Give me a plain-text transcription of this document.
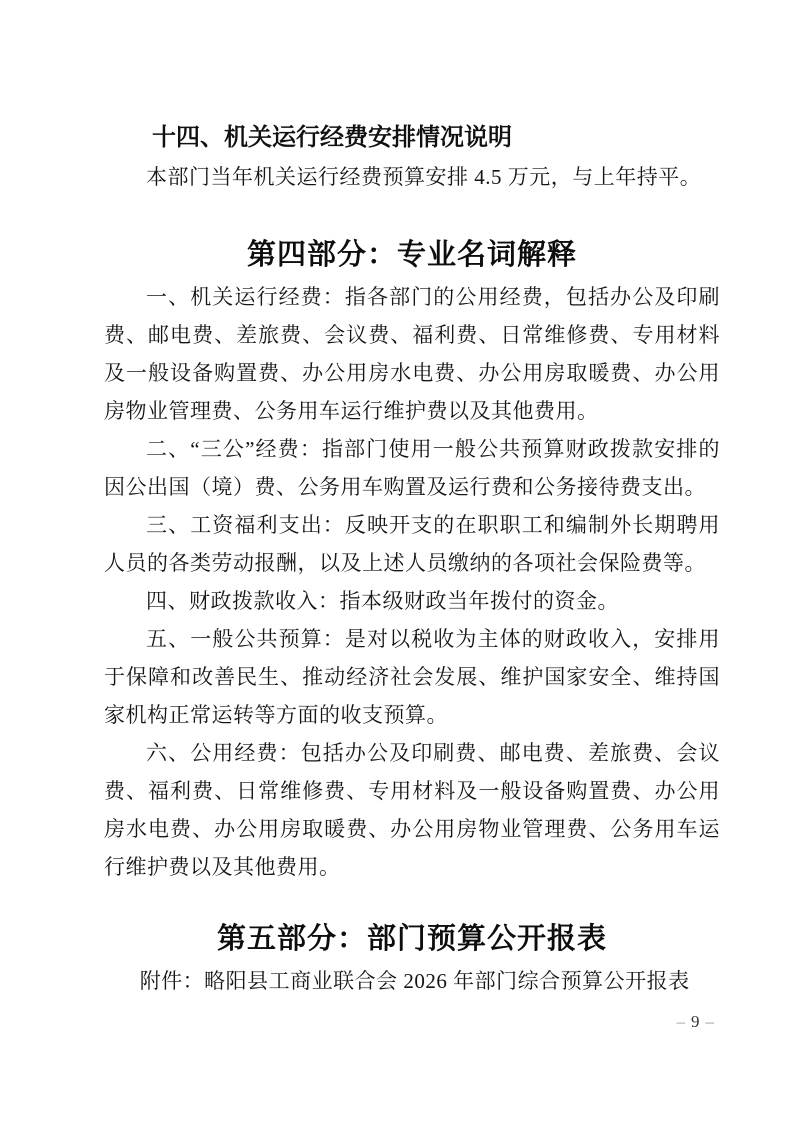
十四、机关运行经费安排情况说明

本部门当年机关运行经费预算安排 4.5 万元，与上年持平。

第四部分：专业名词解释

一、机关运行经费：指各部门的公用经费，包括办公及印刷费、邮电费、差旅费、会议费、福利费、日常维修费、专用材料及一般设备购置费、办公用房水电费、办公用房取暖费、办公用房物业管理费、公务用车运行维护费以及其他费用。

二、“三公”经费：指部门使用一般公共预算财政拨款安排的因公出国（境）费、公务用车购置及运行费和公务接待费支出。

三、工资福利支出：反映开支的在职职工和编制外长期聘用人员的各类劳动报酬，以及上述人员缴纳的各项社会保险费等。

四、财政拨款收入：指本级财政当年拨付的资金。

五、一般公共预算：是对以税收为主体的财政收入，安排用于保障和改善民生、推动经济社会发展、维护国家安全、维持国家机构正常运转等方面的收支预算。

六、公用经费：包括办公及印刷费、邮电费、差旅费、会议费、福利费、日常维修费、专用材料及一般设备购置费、办公用房水电费、办公用房取暖费、办公用房物业管理费、公务用车运行维护费以及其他费用。

第五部分：部门预算公开报表

附件：略阳县工商业联合会 2026 年部门综合预算公开报表

– 9 –
